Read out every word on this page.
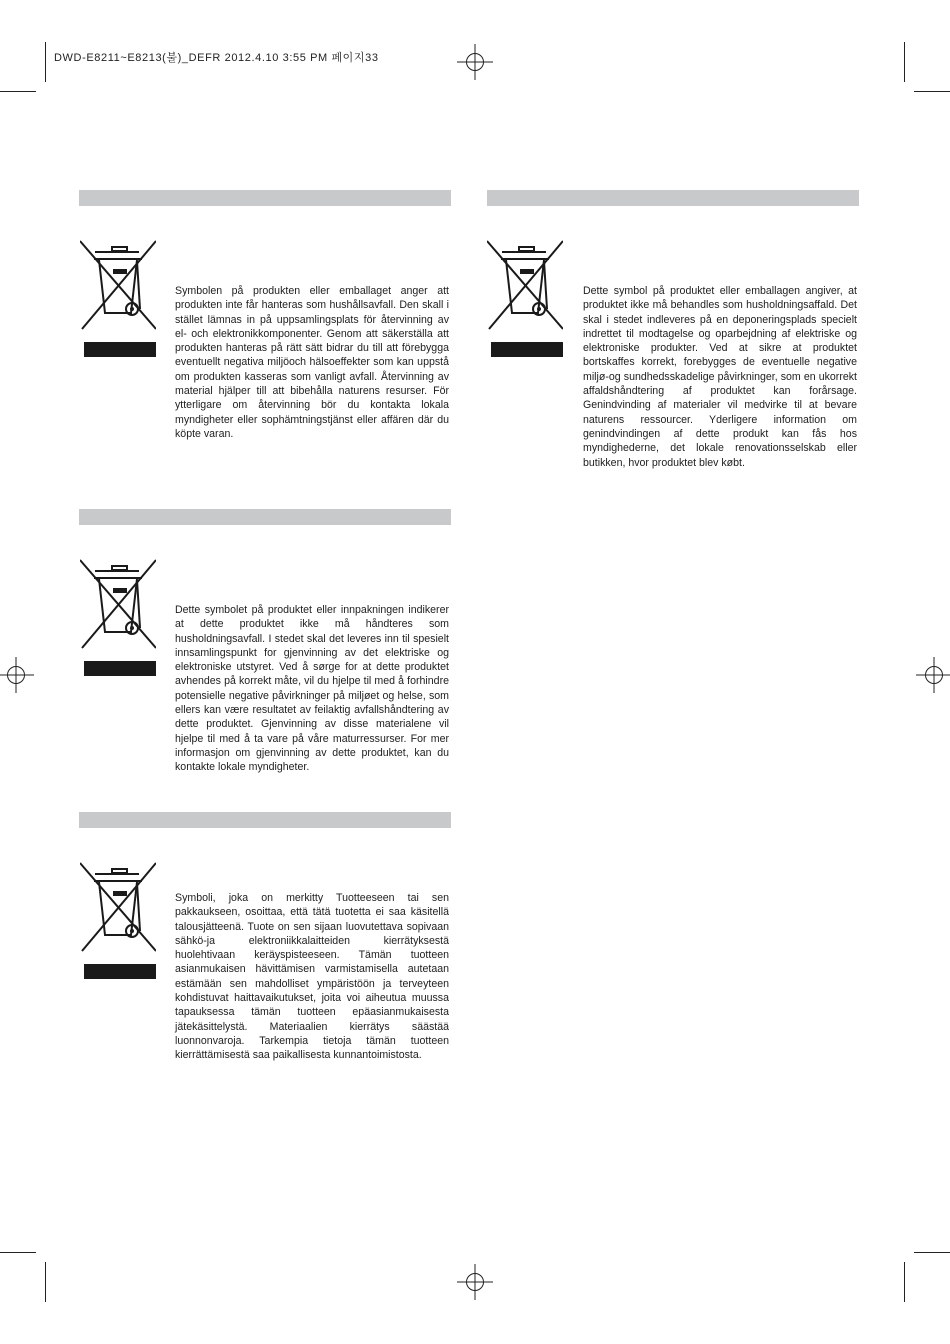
DWD-E8211~E8213(불)_DEFR 2012.4.10 3:55 PM 페이지33
Symbolen på produkten eller emballaget anger att produkten inte får hanteras som hushållsavfall. Den skall i stället lämnas in på uppsamlingsplats för återvinning av el- och elektronikkomponenter. Genom att säkerställa att produkten hanteras på rätt sätt bidrar du till att förebygga eventuellt negativa miljöoch hälsoeffekter som kan uppstå om produkten kasseras som vanligt avfall. Återvinning av material hjälper till att bibehålla naturens resurser. För ytterligare om återvinning bör du kontakta lokala myndigheter eller sophämtningstjänst eller affären där du köpte varan.
Dette symbol på produktet eller emballagen angiver, at produktet ikke må behandles som husholdningsaffald. Det skal i stedet indleveres på en deponeringsplads specielt indrettet til modtagelse og oparbejdning af elektriske og elektroniske produkter. Ved at sikre at produktet bortskaffes korrekt, forebygges de eventuelle negative miljø-og sundhedsskadelige påvirkninger, som en ukorrekt affaldshåndtering af produktet kan forårsage. Genindvinding af materialer vil medvirke til at bevare naturens ressourcer. Yderligere information om genindvindingen af dette produkt kan fås hos myndighederne, det lokale renovationsselskab eller butikken, hvor produktet blev købt.
Dette symbolet på produktet eller innpakningen indikerer at dette produktet ikke må håndteres som husholdningsavfall. I stedet skal det leveres inn til spesielt innsamlingspunkt for gjenvinning av det elektriske og elektroniske utstyret. Ved å sørge for at dette produktet avhendes på korrekt måte, vil du hjelpe til med å forhindre potensielle negative påvirkninger på miljøet og helse, som ellers kan være resultatet av feilaktig avfallshåndtering av dette produktet. Gjenvinning av disse materialene vil hjelpe til med å ta vare på våre maturressurser. For mer informasjon om gjenvinning av dette produktet, kan du kontakte lokale myndigheter.
Symboli, joka on merkitty Tuotteeseen tai sen pakkaukseen, osoittaa, että tätä tuotetta ei saa käsitellä talousjätteenä. Tuote on sen sijaan luovutettava sopivaan sähkö-ja elektroniikkalaitteiden kierrätyksestä huolehtivaan keräyspisteeseen. Tämän tuotteen asianmukaisen hävittämisen varmistamisella autetaan estämään sen mahdolliset ympäristöön ja terveyteen kohdistuvat haittavaikutukset, joita voi aiheutua muussa tapauksessa tämän tuotteen epäasianmukaisesta jätekäsittelystä. Materiaalien kierrätys säästää luonnonvaroja. Tarkempia tietoja tämän tuotteen kierrättämisestä saa paikallisesta kunnantoimistosta.
